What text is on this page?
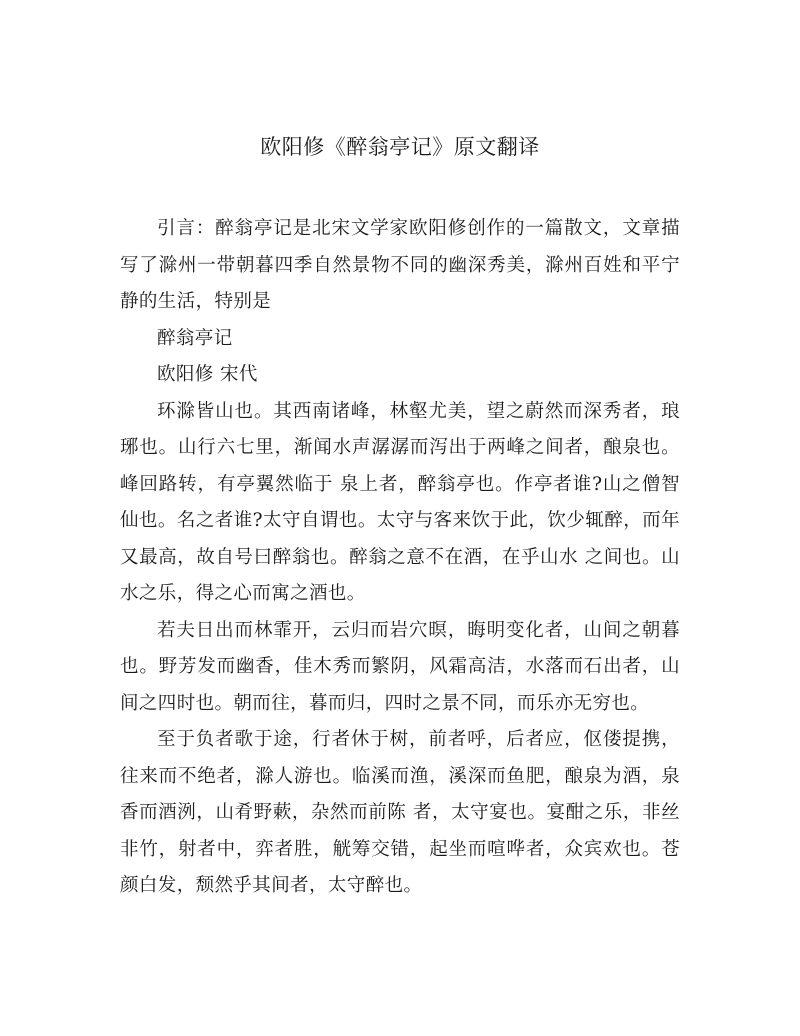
欧阳修《醉翁亭记》原文翻译

引言：醉翁亭记是北宋文学家欧阳修创作的一篇散文，文章描写了滁州一带朝暮四季自然景物不同的幽深秀美，滁州百姓和平宁静的生活，特别是

醉翁亭记

欧阳修 宋代

环滁皆山也。其西南诸峰，林壑尤美，望之蔚然而深秀者，琅琊也。山行六七里，渐闻水声潺潺而泻出于两峰之间者，酿泉也。峰回路转，有亭翼然临于 泉上者，醉翁亭也。作亭者谁?山之僧智仙也。名之者谁?太守自谓也。太守与客来饮于此，饮少辄醉，而年又最高，故自号曰醉翁也。醉翁之意不在酒，在乎山水 之间也。山水之乐，得之心而寓之酒也。

若夫日出而林霏开，云归而岩穴暝，晦明变化者，山间之朝暮也。野芳发而幽香，佳木秀而繁阴，风霜高洁，水落而石出者，山间之四时也。朝而往，暮而归，四时之景不同，而乐亦无穷也。

至于负者歌于途，行者休于树，前者呼，后者应，伛偻提携，往来而不绝者，滁人游也。临溪而渔，溪深而鱼肥，酿泉为酒，泉香而酒洌，山肴野蔌，杂然而前陈 者，太守宴也。宴酣之乐，非丝非竹，射者中，弈者胜，觥筹交错，起坐而喧哗者，众宾欢也。苍颜白发，颓然乎其间者，太守醉也。
